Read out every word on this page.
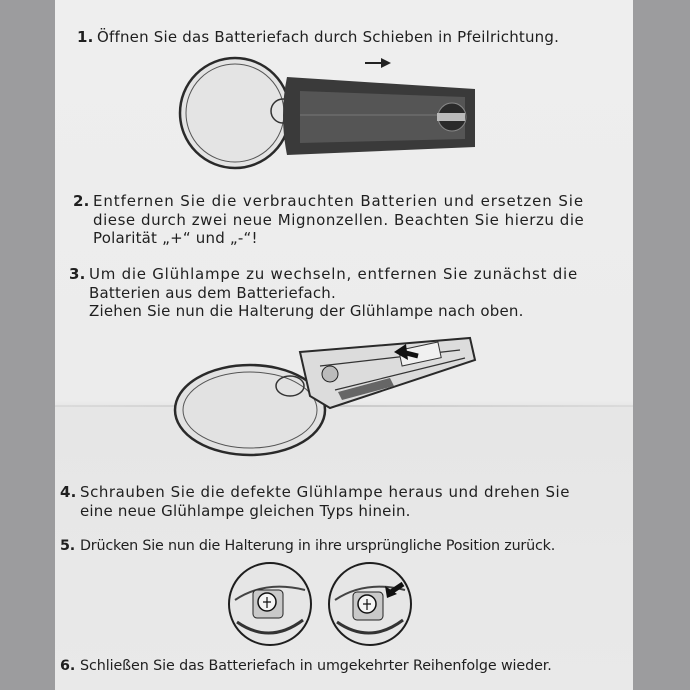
1. Öffnen Sie das Batteriefach durch Schieben in Pfeilrichtung.
2. Entfernen Sie die verbrauchten Batterien und ersetzen Sie
diese durch zwei neue Mignonzellen. Beachten Sie hierzu die
Polarität „+“ und „-“!
3. Um die Glühlampe zu wechseln, entfernen Sie zunächst die
Batterien aus dem Batteriefach.
Ziehen Sie nun die Halterung der Glühlampe nach oben.
4. Schrauben Sie die defekte Glühlampe heraus und drehen Sie
eine neue Glühlampe gleichen Typs hinein.
5. Drücken Sie nun die Halterung in ihre ursprüngliche Position zurück.
6. Schließen Sie das Batteriefach in umgekehrter Reihenfolge wieder.
